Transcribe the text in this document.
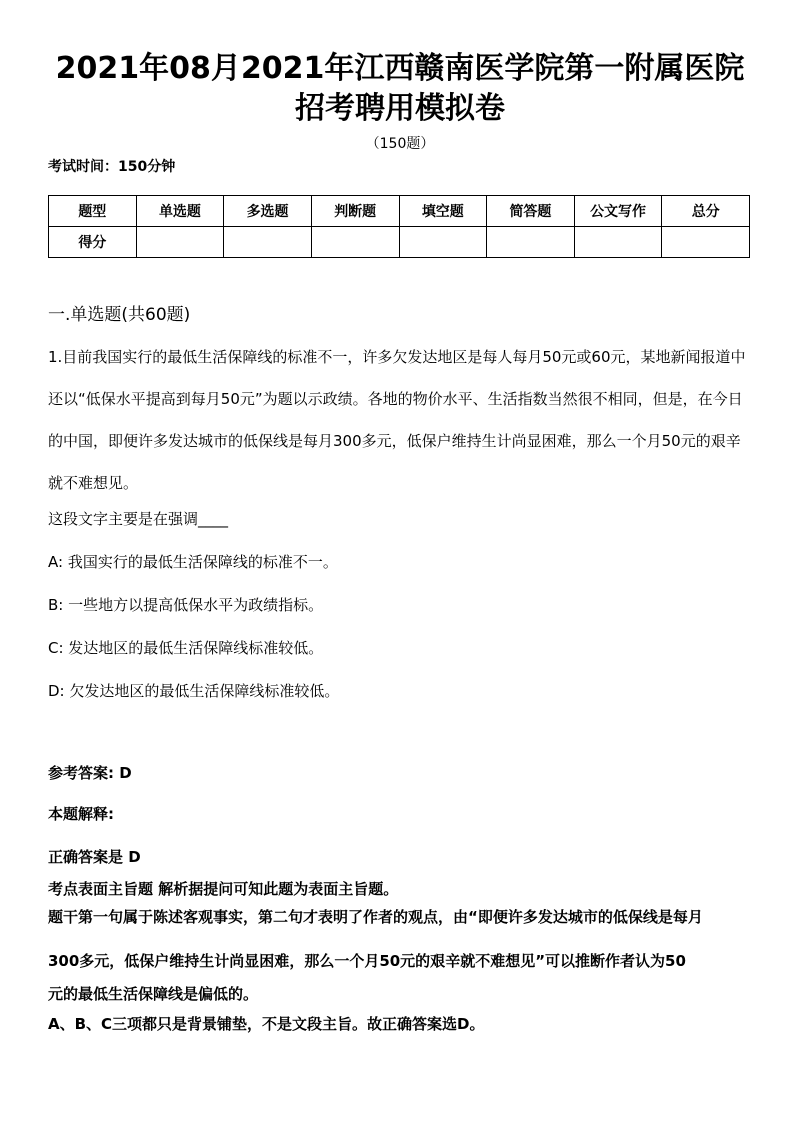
2021年08月2021年江西赣南医学院第一附属医院
招考聘用模拟卷
（150题）
考试时间：150分钟
题型	单选题	多选题	判断题	填空题	简答题	公文写作	总分
得分							
一.单选题(共60题)

1.目前我国实行的最低生活保障线的标准不一，许多欠发达地区是每人每月50元或60元，某地新闻报道中还以“低保水平提高到每月50元”为题以示政绩。各地的物价水平、生活指数当然很不相同，但是，在今日的中国，即便许多发达城市的低保线是每月300多元，低保户维持生计尚显困难，那么一个月50元的艰辛就不难想见。

这段文字主要是在强调____
A: 我国实行的最低生活保障线的标准不一。
B: 一些地方以提高低保水平为政绩指标。
C: 发达地区的最低生活保障线标准较低。
D: 欠发达地区的最低生活保障线标准较低。
参考答案: D
本题解释:
正确答案是 D

考点表面主旨题 解析据提问可知此题为表面主旨题。

题干第一句属于陈述客观事实，第二句才表明了作者的观点，由“即便许多发达城市的低保线是每月

300多元，低保户维持生计尚显困难，那么一个月50元的艰辛就不难想见”可以推断作者认为50

元的最低生活保障线是偏低的。

A、B、C三项都只是背景铺垫，不是文段主旨。故正确答案选D。
